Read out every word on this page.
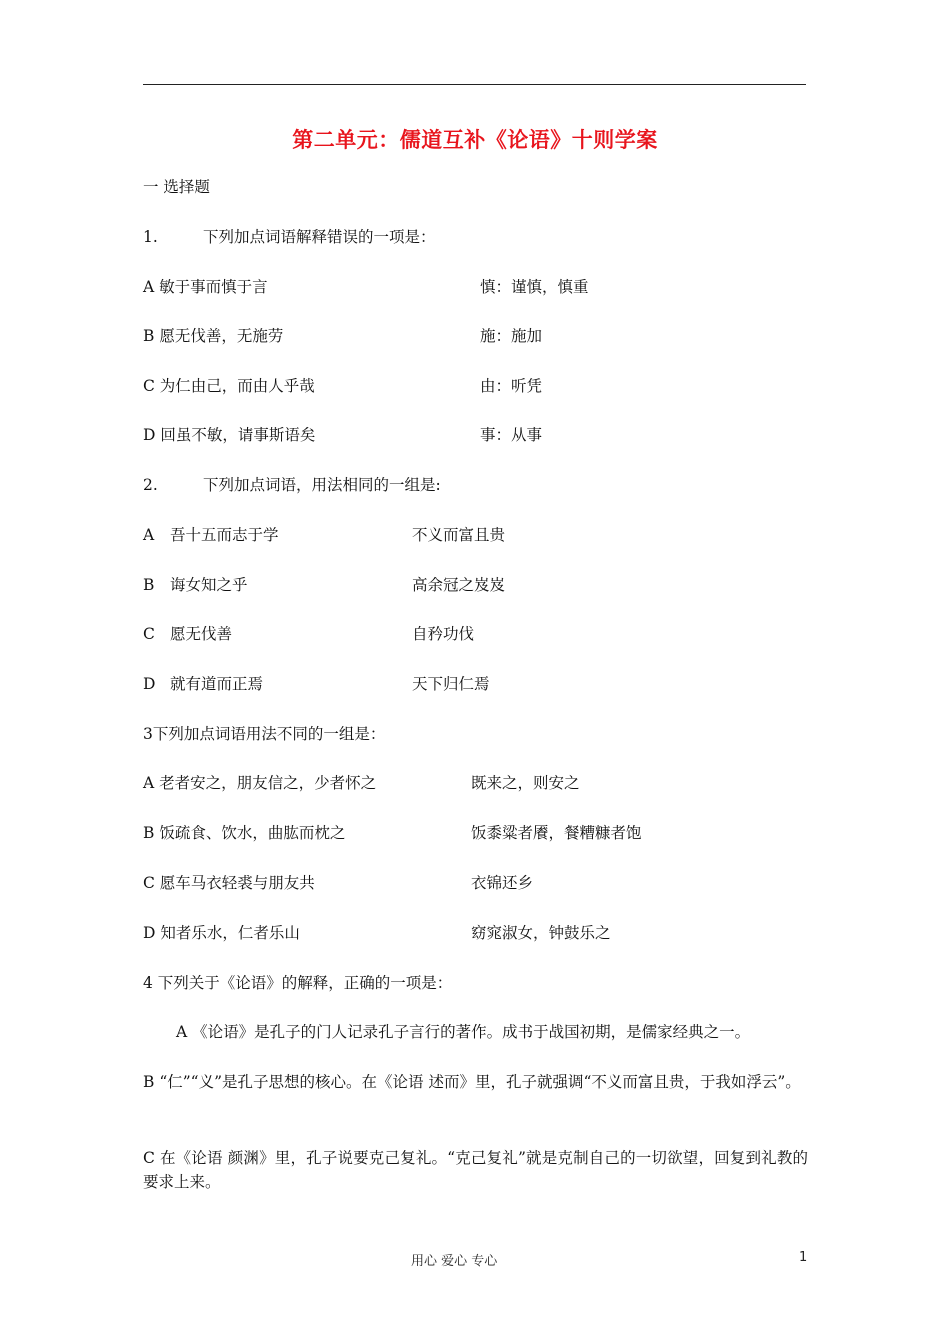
第二单元：儒道互补《论语》十则学案
一 选择题
1.	下列加点词语解释错误的一项是：
A 敏于事而慎于言	慎：谨慎，慎重
B 愿无伐善，无施劳	施：施加
C 为仁由己，而由人乎哉	由：听凭
D 回虽不敏，请事斯语矣	事：从事
2.	下列加点词语，用法相同的一组是:
A 吾十五而志于学	不义而富且贵
B 诲女知之乎	高余冠之岌岌
C 愿无伐善	自矜功伐
D 就有道而正焉	天下归仁焉
3下列加点词语用法不同的一组是：
A 老者安之，朋友信之，少者怀之	既来之，则安之
B 饭疏食、饮水，曲肱而枕之	饭黍粱者餍，餐糟糠者饱
C 愿车马衣轻裘与朋友共	衣锦还乡
D 知者乐水，仁者乐山	窈窕淑女，钟鼓乐之
4 下列关于《论语》的解释，正确的一项是：
A 《论语》是孔子的门人记录孔子言行的著作。成书于战国初期，是儒家经典之一。
B “仁”“义”是孔子思想的核心。在《论语 述而》里，孔子就强调“不义而富且贵，于我如浮云”。
C 在《论语 颜渊》里，孔子说要克己复礼。“克己复礼”就是克制自己的一切欲望，回复到礼教的要求上来。
用心 爱心 专心	1
